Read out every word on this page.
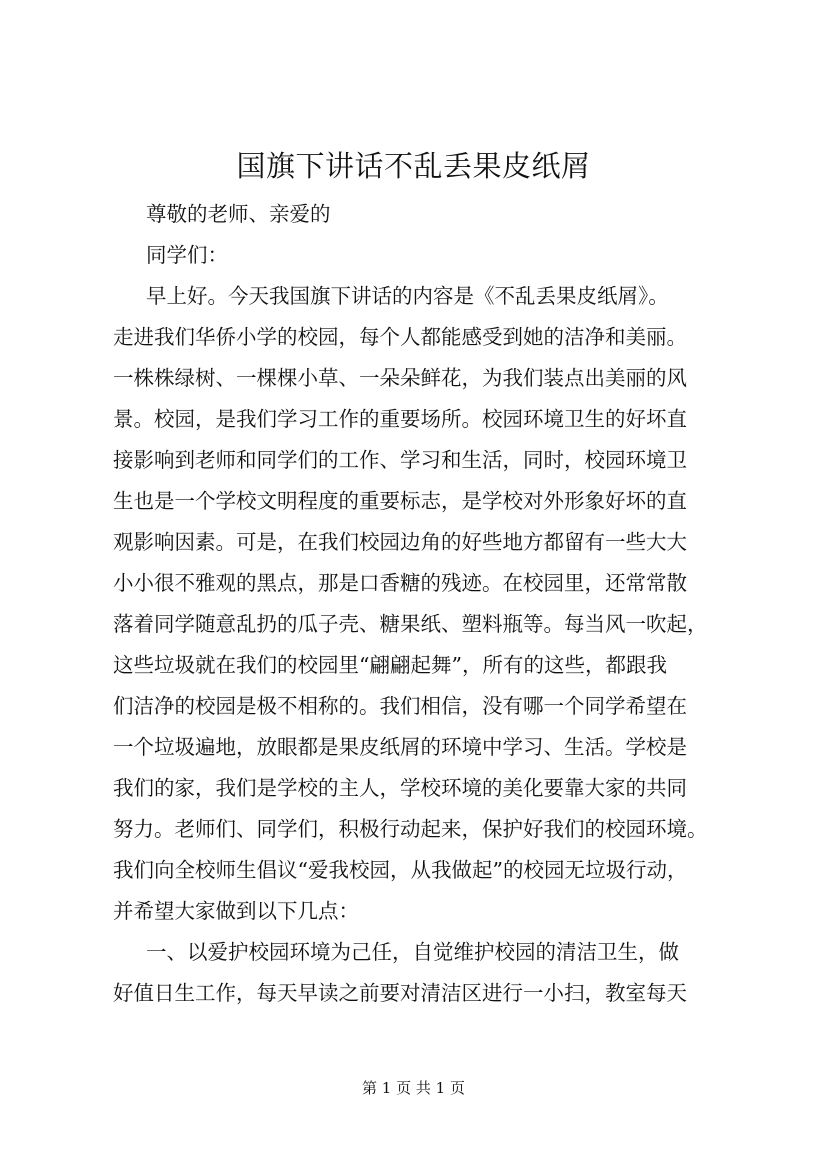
国旗下讲话不乱丢果皮纸屑
尊敬的老师、亲爱的
同学们：
早上好。今天我国旗下讲话的内容是《不乱丢果皮纸屑》。
走进我们华侨小学的校园，每个人都能感受到她的洁净和美丽。
一株株绿树、一棵棵小草、一朵朵鲜花，为我们装点出美丽的风
景。校园，是我们学习工作的重要场所。校园环境卫生的好坏直
接影响到老师和同学们的工作、学习和生活，同时，校园环境卫
生也是一个学校文明程度的重要标志，是学校对外形象好坏的直
观影响因素。可是，在我们校园边角的好些地方都留有一些大大
小小很不雅观的黑点，那是口香糖的残迹。在校园里，还常常散
落着同学随意乱扔的瓜子壳、糖果纸、塑料瓶等。每当风一吹起，
这些垃圾就在我们的校园里“翩翩起舞”，所有的这些，都跟我
们洁净的校园是极不相称的。我们相信，没有哪一个同学希望在
一个垃圾遍地，放眼都是果皮纸屑的环境中学习、生活。学校是
我们的家，我们是学校的主人，学校环境的美化要靠大家的共同
努力。老师们、同学们，积极行动起来，保护好我们的校园环境。
我们向全校师生倡议“爱我校园，从我做起”的校园无垃圾行动，
并希望大家做到以下几点：
一、以爱护校园环境为己任，自觉维护校园的清洁卫生，做
好值日生工作，每天早读之前要对清洁区进行一小扫，教室每天
第 1 页 共 1 页
